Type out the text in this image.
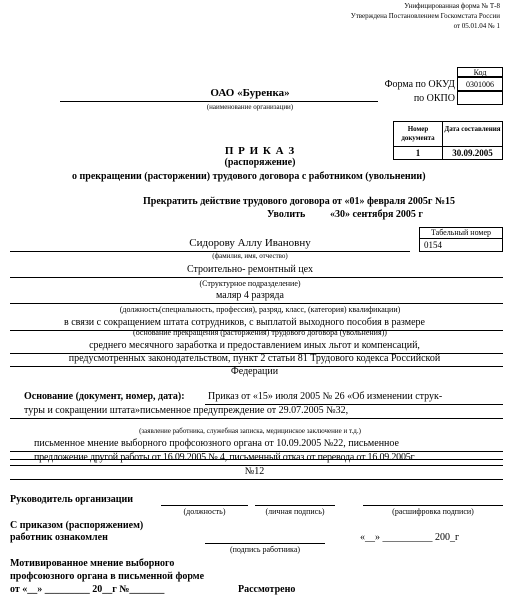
Унифицированная форма № Т-8
Утверждена Постановлением Госкомстата России
от 05.01.04 № 1
Код
0301006
Форма по ОКУД
по ОКПО
ОАО «Буренка»
(наименование организации)
Номер документа
Дата составления
1	30.09.2005
П Р И К А З
(распоряжение)
о прекращении (расторжении) трудового договора с работником (увольнении)
Прекратить действие трудового договора от «01» февраля 2005г №15
Уволить «30» сентября 2005 г
Табельный номер
0154
Сидорову Аллу Ивановну
(фамилия, имя, отчество)
Строительно- ремонтный цех
(Структурное подразделение)
маляр 4 разряда
(должность(специальность, профессия), разряд, класс, (категория) квалификации)
в связи с сокращением штата сотрудников, с выплатой выходного пособия в размере
(основание прекращения (расторжения) трудового договора (увольнения))
среднего месячного заработка и предоставлением иных льгот и компенсаций,
предусмотренных законодательством, пункт 2 статьи 81 Трудового кодекса Российской
Федерации
Основание (документ, номер, дата): Приказ от «15» июля 2005 № 26 «Об изменении струк-
туры и сокращении штата»письменное предупреждение от 29.07.2005 №32,
(заявление работника, служебная записка, медицинское заключение и т.д.)
письменное мнение выборного профсоюзного органа от 10.09.2005 №22, письменное
предложение другой работы от 16.09.2005 № 4, письменный отказ от перевода от 16.09.2005г
№12
Руководитель организации
(должность)	(личная подпись)	(расшифровка подписи)
С приказом (распоряжением)
работник ознакомлен
(подпись работника)
«__» __________ 200_г
Мотивированное мнение выборного
профсоюзного органа в письменной форме
от «__» _________ 20__г №_______	Рассмотрено
